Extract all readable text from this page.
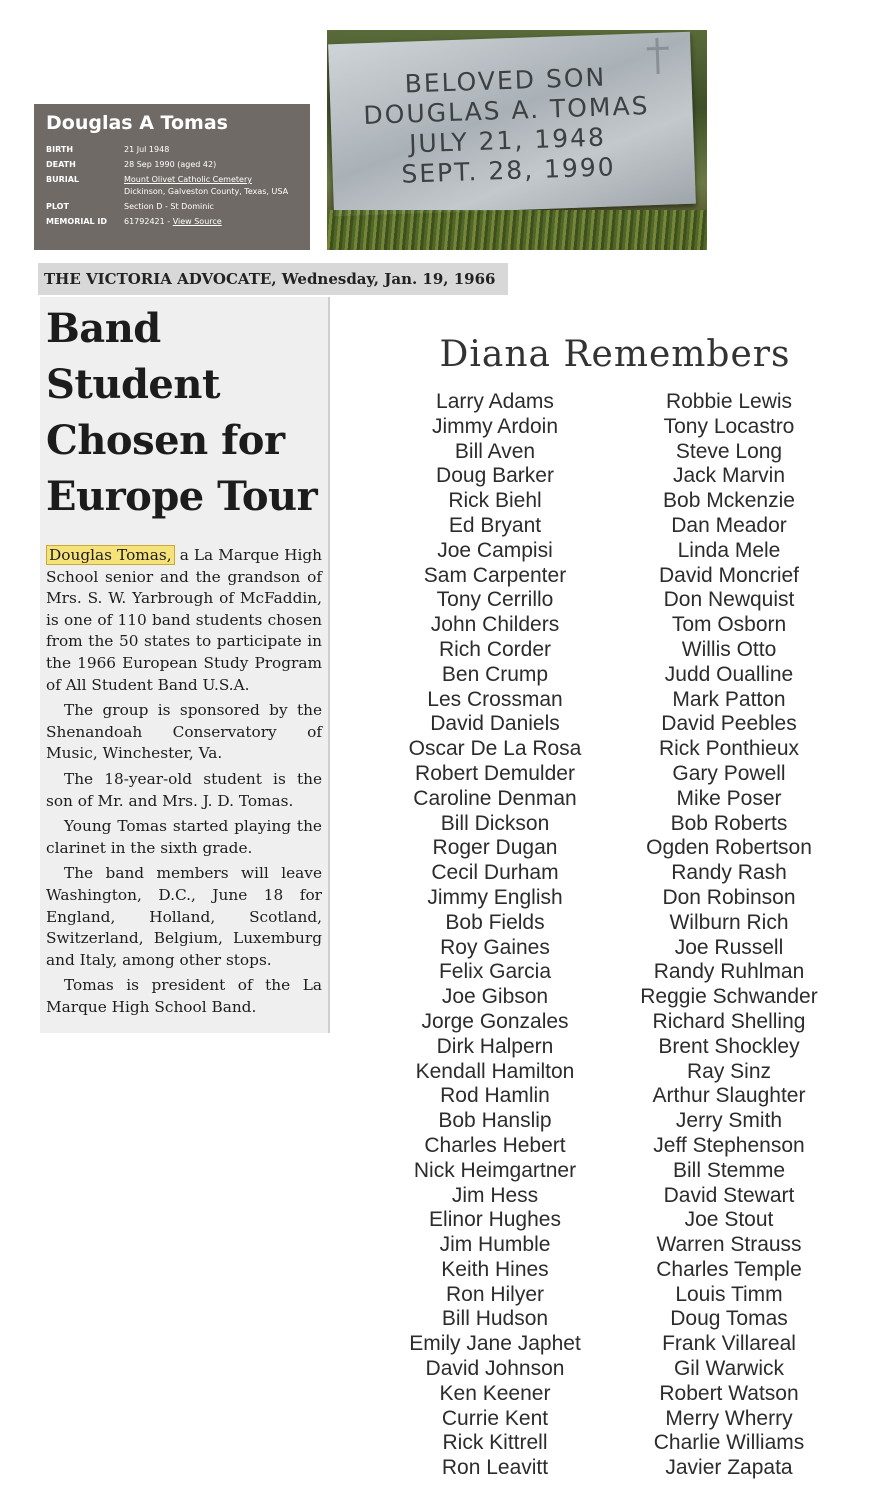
Douglas A Tomas
BIRTH	21 Jul 1948
DEATH	28 Sep 1990 (aged 42)
BURIAL	Mount Olivet Catholic Cemetery
Dickinson, Galveston County, Texas, USA
PLOT	Section D - St Dominic
MEMORIAL ID	61792421 - View Source
BELOVED SON
DOUGLAS A. TOMAS
JULY 21, 1948
SEPT. 28, 1990
THE VICTORIA ADVOCATE, Wednesday, Jan. 19, 1966
Band Student
Chosen for
Europe Tour

Douglas Tomas, a La Marque High School senior and the grandson of Mrs. S. W. Yarbrough of McFaddin, is one of 110 band students chosen from the 50 states to participate in the 1966 European Study Program of All Student Band U.S.A.

The group is sponsored by the Shenandoah Conservatory of Music, Winchester, Va.

The 18-year-old student is the son of Mr. and Mrs. J. D. Tomas.

Young Tomas started playing the clarinet in the sixth grade.

The band members will leave Washington, D.C., June 18 for England, Holland, Scotland, Switzerland, Belgium, Luxemburg and Italy, among other stops.

Tomas is president of the La Marque High School Band.

Diana Remembers
Larry Adams
Jimmy Ardoin
Bill Aven
Doug Barker
Rick Biehl
Ed Bryant
Joe Campisi
Sam Carpenter
Tony Cerrillo
John Childers
Rich Corder
Ben Crump
Les Crossman
David Daniels
Oscar De La Rosa
Robert Demulder
Caroline Denman
Bill Dickson
Roger Dugan
Cecil Durham
Jimmy English
Bob Fields
Roy Gaines
Felix Garcia
Joe Gibson
Jorge Gonzales
Dirk Halpern
Kendall Hamilton
Rod Hamlin
Bob Hanslip
Charles Hebert
Nick Heimgartner
Jim Hess
Elinor Hughes
Jim Humble
Keith Hines
Ron Hilyer
Bill Hudson
Emily Jane Japhet
David Johnson
Ken Keener
Currie Kent
Rick Kittrell
Ron Leavitt
Robbie Lewis
Tony Locastro
Steve Long
Jack Marvin
Bob Mckenzie
Dan Meador
Linda Mele
David Moncrief
Don Newquist
Tom Osborn
Willis Otto
Judd Oualline
Mark Patton
David Peebles
Rick Ponthieux
Gary Powell
Mike Poser
Bob Roberts
Ogden Robertson
Randy Rash
Don Robinson
Wilburn Rich
Joe Russell
Randy Ruhlman
Reggie Schwander
Richard Shelling
Brent Shockley
Ray Sinz
Arthur Slaughter
Jerry Smith
Jeff Stephenson
Bill Stemme
David Stewart
Joe Stout
Warren Strauss
Charles Temple
Louis Timm
Doug Tomas
Frank Villareal
Gil Warwick
Robert Watson
Merry Wherry
Charlie Williams
Javier Zapata
